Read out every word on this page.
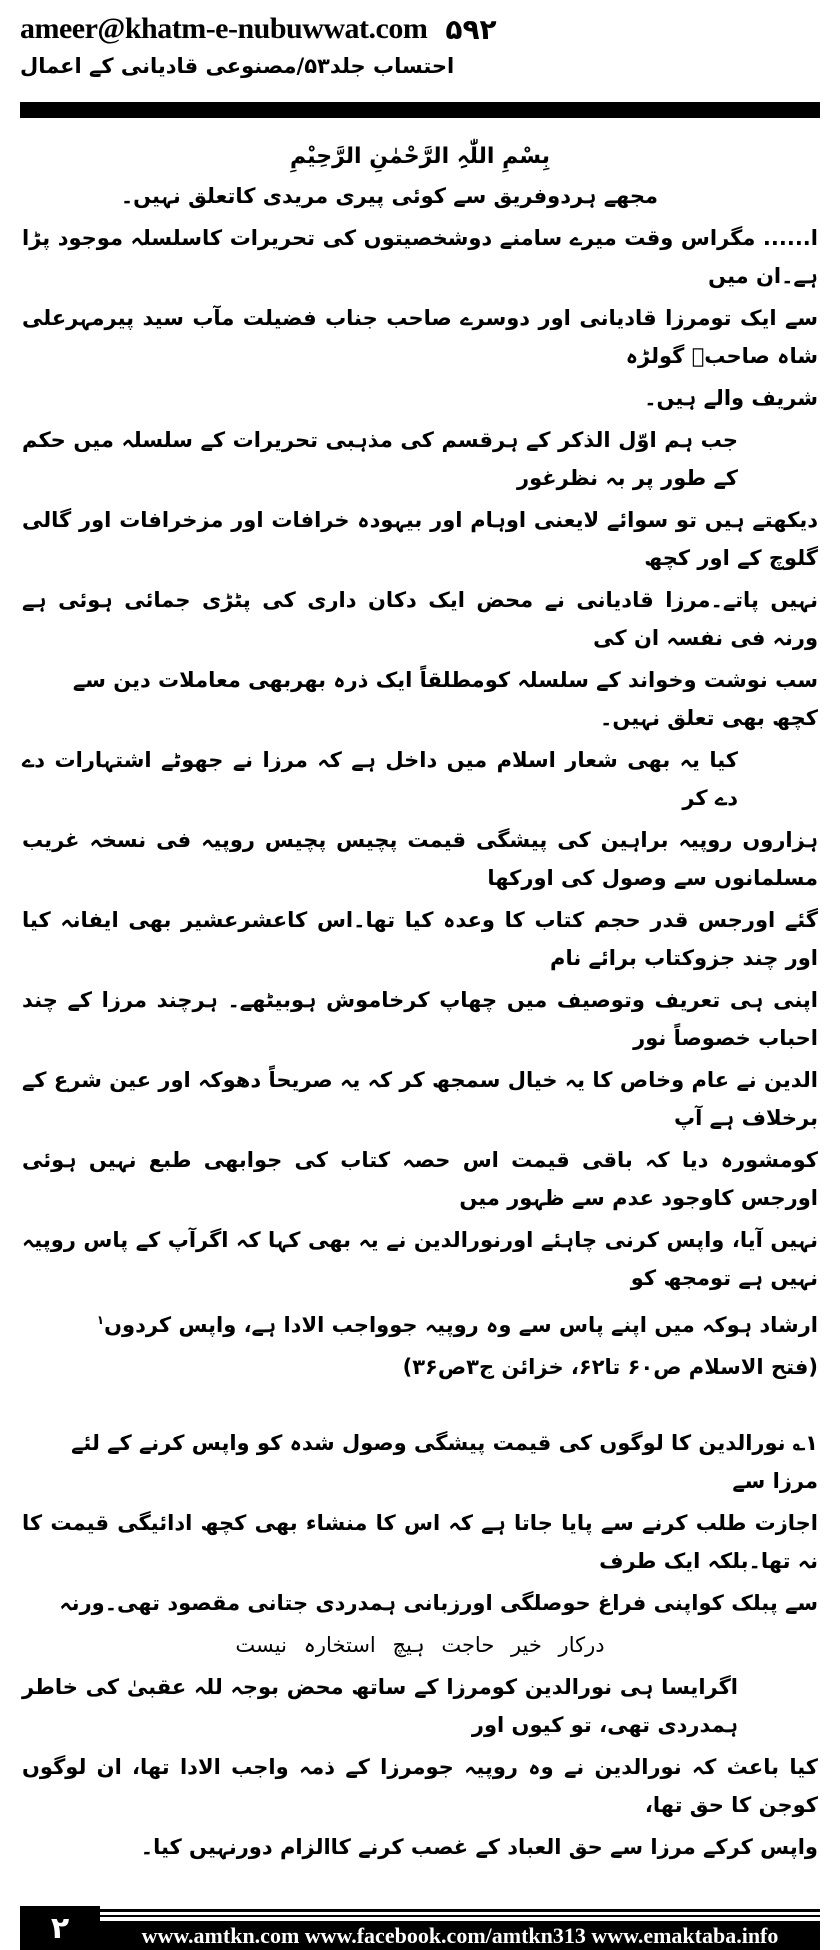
ameer@khatm-e-nubuwwat.com ۵۹۲
احتساب جلد۵۳/مصنوعی قادیانی کے اعمال
بِسْمِ اللّٰہِ الرَّحْمٰنِ الرَّحِیْمِ
مجھے ہردوفریق سے کوئی پیری مریدی کاتعلق نہیں۔
ا...... مگراس وقت میرے سامنے دوشخصیتوں کی تحریرات کاسلسلہ موجود پڑا ہے۔ان میں
سے ایک تومرزا قادیانی اور دوسرے صاحب جناب فضیلت مآب سید پیرمہرعلی شاہ صاحبؒ گولڑہ
شریف والے ہیں۔
جب ہم اوّل الذکر کے ہرقسم کی مذہبی تحریرات کے سلسلہ میں حکم کے طور پر بہ نظرغور
دیکھتے ہیں تو سوائے لایعنی اوہام اور بیہودہ خرافات اور مزخرافات اور گالی گلوچ کے اور کچھ
نہیں پاتے۔مرزا قادیانی نے محض ایک دکان داری کی پٹڑی جمائی ہوئی ہے ورنہ فی نفسہ ان کی
سب نوشت وخواند کے سلسلہ کومطلقاً ایک ذرہ بھربھی معاملات دین سے کچھ بھی تعلق نہیں۔
کیا یہ بھی شعار اسلام میں داخل ہے کہ مرزا نے جھوٹے اشتہارات دے دے کر
ہزاروں روپیہ براہین کی پیشگی قیمت پچیس پچیس روپیہ فی نسخہ غریب مسلمانوں سے وصول کی اورکھا
گئے اورجس قدر حجم کتاب کا وعدہ کیا تھا۔اس کاعشرعشیر بھی ایفانہ کیا اور چند جزوکتاب برائے نام
اپنی ہی تعریف وتوصیف میں چھاپ کرخاموش ہوبیٹھے۔ ہرچند مرزا کے چند احباب خصوصاً نور
الدین نے عام وخاص کا یہ خیال سمجھ کر کہ یہ صریحاً دھوکہ اور عین شرع کے برخلاف ہے آپ
کومشورہ دیا کہ باقی قیمت اس حصہ کتاب کی جوابھی طبع نہیں ہوئی اورجس کاوجود عدم سے ظہور میں
نہیں آیا، واپس کرنی چاہئے اورنورالدین نے یہ بھی کہا کہ اگرآپ کے پاس روپیہ نہیں ہے تومجھ کو
ارشاد ہوکہ میں اپنے پاس سے وہ روپیہ جوواجب الادا ہے، واپس کردوں$^۱$
(فتح الاسلام ص۶۰ تا۶۲، خزائن ج۳ص۳۶)
۱؎ نورالدین کا لوگوں کی قیمت پیشگی وصول شدہ کو واپس کرنے کے لئے مرزا سے
اجازت طلب کرنے سے پایا جاتا ہے کہ اس کا منشاء بھی کچھ ادائیگی قیمت کا نہ تھا۔بلکہ ایک طرف
سے پبلک کواپنی فراغ حوصلگی اورزبانی ہمدردی جتانی مقصود تھی۔ورنہ
درکار خیر حاجت ہیچ استخارہ نیست
اگرایسا ہی نورالدین کومرزا کے ساتھ محض بوجہ للہ عقبیٰ کی خاطر ہمدردی تھی، تو کیوں اور
کیا باعث کہ نورالدین نے وہ روپیہ جومرزا کے ذمہ واجب الادا تھا، ان لوگوں کوجن کا حق تھا،
واپس کرکے مرزا سے حق العباد کے غصب کرنے کاالزام دورنہیں کیا۔
۲	www.amtkn.com www.facebook.com/amtkn313 www.emaktaba.info
